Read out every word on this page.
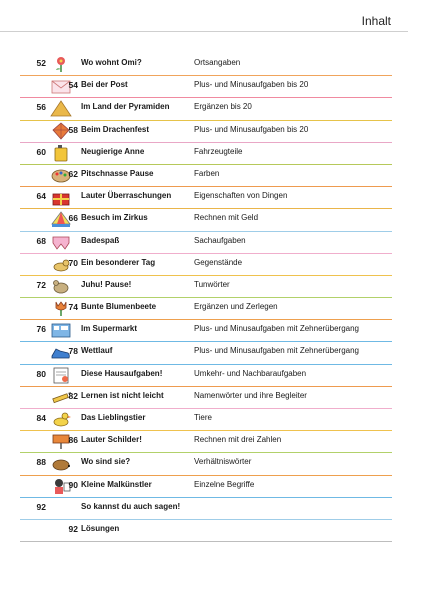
Inhalt
52	Wo wohnt Omi?	Ortsangaben
54 Bei der Post	Plus- und Minusaufgaben bis 20
56	Im Land der Pyramiden	Ergänzen bis 20
58 Beim Drachenfest	Plus- und Minusaufgaben bis 20
60	Neugierige Anne	Fahrzeugteile
62 Pitschnasse Pause	Farben
64	Lauter Überraschungen	Eigenschaften von Dingen
66 Besuch im Zirkus	Rechnen mit Geld
68	Badespaß	Sachaufgaben
70 Ein besonderer Tag	Gegenstände
72	Juhu! Pause!	Tunwörter
74 Bunte Blumenbeete	Ergänzen und Zerlegen
76	Im Supermarkt	Plus- und Minusaufgaben mit Zehnerübergang
78 Wettlauf	Plus- und Minusaufgaben mit Zehnerübergang
80	Diese Hausaufgaben!	Umkehr- und Nachbaraufgaben
82 Lernen ist nicht leicht	Namenwörter und ihre Begleiter
84	Das Lieblingstier	Tiere
86 Lauter Schilder!	Rechnen mit drei Zahlen
88	Wo sind sie?	Verhältniswörter
90 Kleine Malkünstler	Einzelne Begriffe
92	So kannst du auch sagen!
92 Lösungen
